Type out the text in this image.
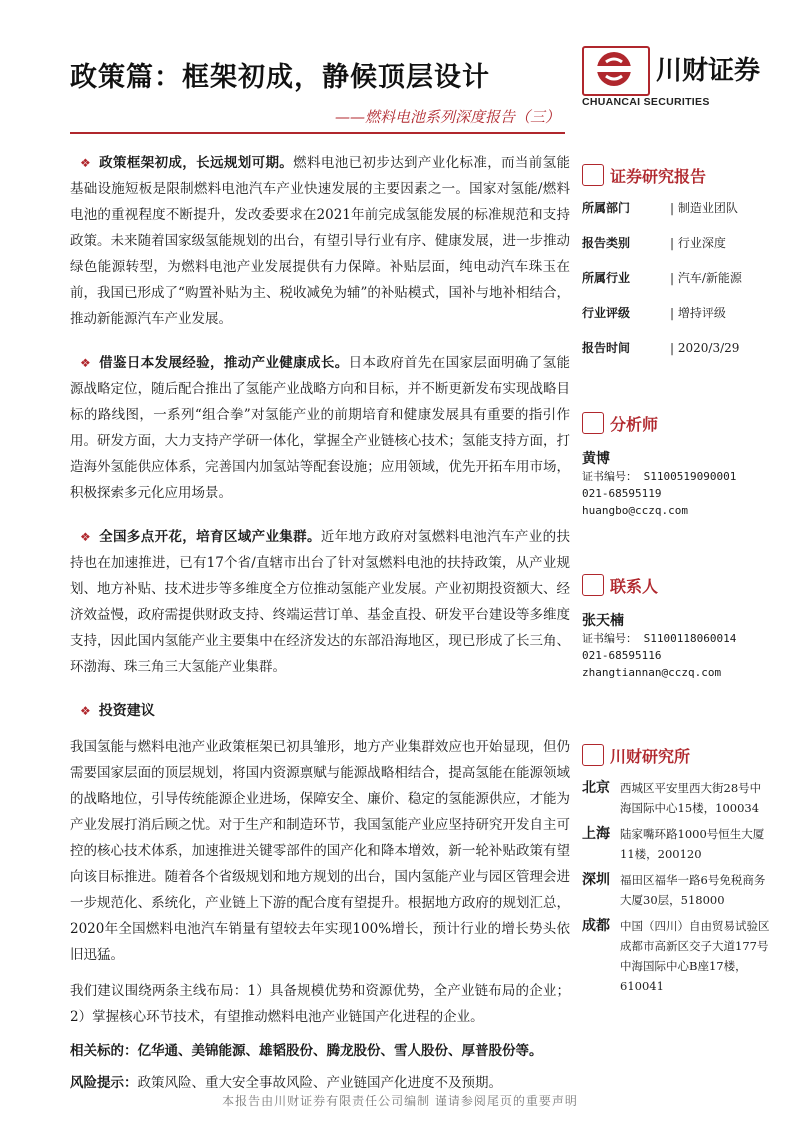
政策篇：框架初成，静候顶层设计
——燃料电池系列深度报告（三）
川财证券
CHUANCAI SECURITIES

❖ 政策框架初成，长远规划可期。燃料电池已初步达到产业化标准，而当前氢能基础设施短板是限制燃料电池汽车产业快速发展的主要因素之一。国家对氢能/燃料电池的重视程度不断提升，发改委要求在2021年前完成氢能发展的标准规范和支持政策。未来随着国家级氢能规划的出台，有望引导行业有序、健康发展，进一步推动绿色能源转型，为燃料电池产业发展提供有力保障。补贴层面，纯电动汽车珠玉在前，我国已形成了“购置补贴为主、税收减免为辅”的补贴模式，国补与地补相结合，推动新能源汽车产业发展。

❖ 借鉴日本发展经验，推动产业健康成长。日本政府首先在国家层面明确了氢能源战略定位，随后配合推出了氢能产业战略方向和目标，并不断更新发布实现战略目标的路线图，一系列“组合拳”对氢能产业的前期培育和健康发展具有重要的指引作用。研发方面，大力支持产学研一体化，掌握全产业链核心技术；氢能支持方面，打造海外氢能供应体系，完善国内加氢站等配套设施；应用领域，优先开拓车用市场，积极探索多元化应用场景。

❖ 全国多点开花，培育区域产业集群。近年地方政府对氢燃料电池汽车产业的扶持也在加速推进，已有17个省/直辖市出台了针对氢燃料电池的扶持政策，从产业规划、地方补贴、技术进步等多维度全方位推动氢能产业发展。产业初期投资额大、经济效益慢，政府需提供财政支持、终端运营订单、基金直投、研发平台建设等多维度支持，因此国内氢能产业主要集中在经济发达的东部沿海地区，现已形成了长三角、环渤海、珠三角三大氢能产业集群。

❖ 投资建议

我国氢能与燃料电池产业政策框架已初具雏形，地方产业集群效应也开始显现，但仍需要国家层面的顶层规划，将国内资源禀赋与能源战略相结合，提高氢能在能源领域的战略地位，引导传统能源企业进场，保障安全、廉价、稳定的氢能源供应，才能为产业发展打消后顾之忧。对于生产和制造环节，我国氢能产业应坚持研究开发自主可控的核心技术体系，加速推进关键零部件的国产化和降本增效，新一轮补贴政策有望向该目标推进。随着各个省级规划和地方规划的出台，国内氢能产业与园区管理会进一步规范化、系统化，产业链上下游的配合度有望提升。根据地方政府的规划汇总，2020年全国燃料电池汽车销量有望较去年实现100%增长，预计行业的增长势头依旧迅猛。

我们建议围绕两条主线布局：1）具备规模优势和资源优势，全产业链布局的企业；2）掌握核心环节技术，有望推动燃料电池产业链国产化进程的企业。

相关标的：亿华通、美锦能源、雄韬股份、腾龙股份、雪人股份、厚普股份等。

风险提示：政策风险、重大安全事故风险、产业链国产化进度不及预期。

证券研究报告
所属部门	| 制造业团队
报告类别	| 行业深度
所属行业	| 汽车/新能源
行业评级	| 增持评级
报告时间	| 2020/3/29
分析师
黄博
证书编号： S1100519090001
021-68595119
huangbo@cczq.com
联系人
张天楠
证书编号： S1100118060014
021-68595116
zhangtiannan@cczq.com
川财研究所
北京 西城区平安里西大街28号中海国际中心15楼，100034
上海 陆家嘴环路1000号恒生大厦11楼，200120
深圳 福田区福华一路6号免税商务大厦30层，518000
成都 中国（四川）自由贸易试验区成都市高新区交子大道177号中海国际中心B座17楼，610041
本报告由川财证券有限责任公司编制 谨请参阅尾页的重要声明
